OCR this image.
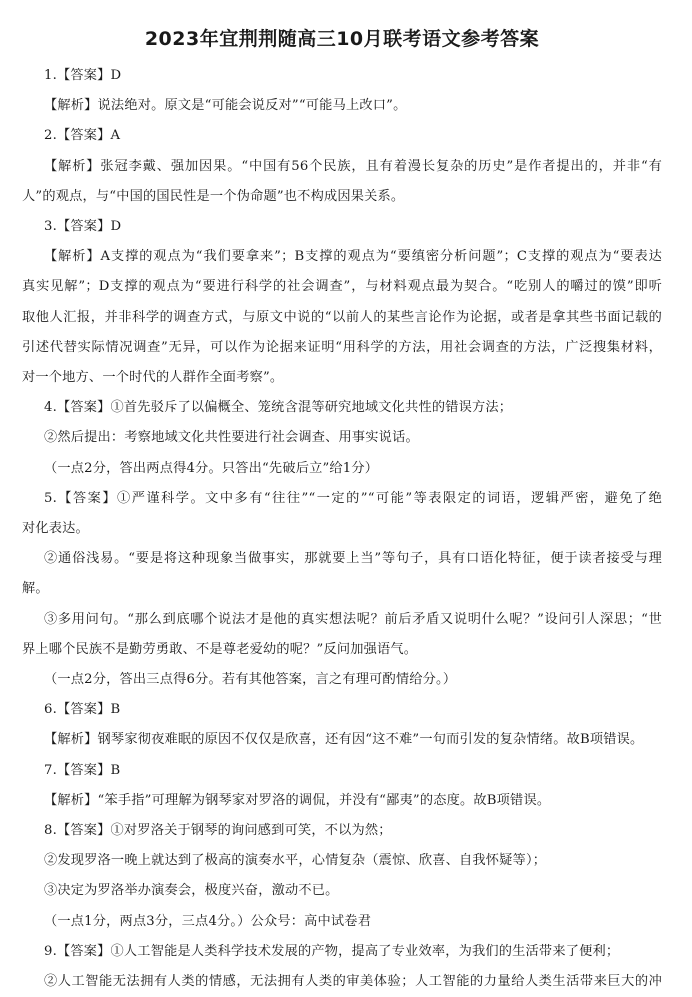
2023年宜荆荆随高三10月联考语文参考答案
1.【答案】D
【解析】说法绝对。原文是“可能会说反对”“可能马上改口”。
2.【答案】A
【解析】张冠李戴、强加因果。“中国有56个民族，且有着漫长复杂的历史”是作者提出的，并非“有
人”的观点，与“中国的国民性是一个伪命题”也不构成因果关系。
3.【答案】D
【解析】A支撑的观点为“我们要拿来”；B支撑的观点为“要缜密分析问题”；C支撑的观点为“要表达
真实见解”；D支撑的观点为“要进行科学的社会调查”，与材料观点最为契合。“吃别人的嚼过的馍”即听
取他人汇报，并非科学的调查方式，与原文中说的“以前人的某些言论作为论据，或者是拿其些书面记载的
引述代替实际情况调查”无异，可以作为论据来证明“用科学的方法，用社会调查的方法，广泛搜集材料，
对一个地方、一个时代的人群作全面考察”。
4.【答案】①首先驳斥了以偏概全、笼统含混等研究地域文化共性的错误方法；
②然后提出：考察地域文化共性要进行社会调查、用事实说话。
（一点2分，答出两点得4分。只答出“先破后立”给1分）
5.【答案】①严谨科学。文中多有“往往”“一定的”“可能”等表限定的词语，逻辑严密，避免了绝
对化表达。
②通俗浅易。“要是将这种现象当做事实，那就要上当”等句子，具有口语化特征，便于读者接受与理
解。
③多用问句。“那么到底哪个说法才是他的真实想法呢？前后矛盾又说明什么呢？”设问引人深思；“世
界上哪个民族不是勤劳勇敢、不是尊老爱幼的呢？”反问加强语气。
（一点2分，答出三点得6分。若有其他答案，言之有理可酌情给分。）
6.【答案】B
【解析】钢琴家彻夜难眠的原因不仅仅是欣喜，还有因“这不难”一句而引发的复杂情绪。故B项错误。
7.【答案】B
【解析】“笨手指”可理解为钢琴家对罗洛的调侃，并没有“鄙夷”的态度。故B项错误。
8.【答案】①对罗洛关于钢琴的询问感到可笑，不以为然；
②发现罗洛一晚上就达到了极高的演奏水平，心情复杂（震惊、欣喜、自我怀疑等）；
③决定为罗洛举办演奏会，极度兴奋，激动不已。
（一点1分，两点3分，三点4分。）公众号：高中试卷君
9.【答案】①人工智能是人类科学技术发展的产物，提高了专业效率，为我们的生活带来了便利；
②人工智能无法拥有人类的情感，无法拥有人类的审美体验；人工智能的力量给人类生活带来巨大的冲
